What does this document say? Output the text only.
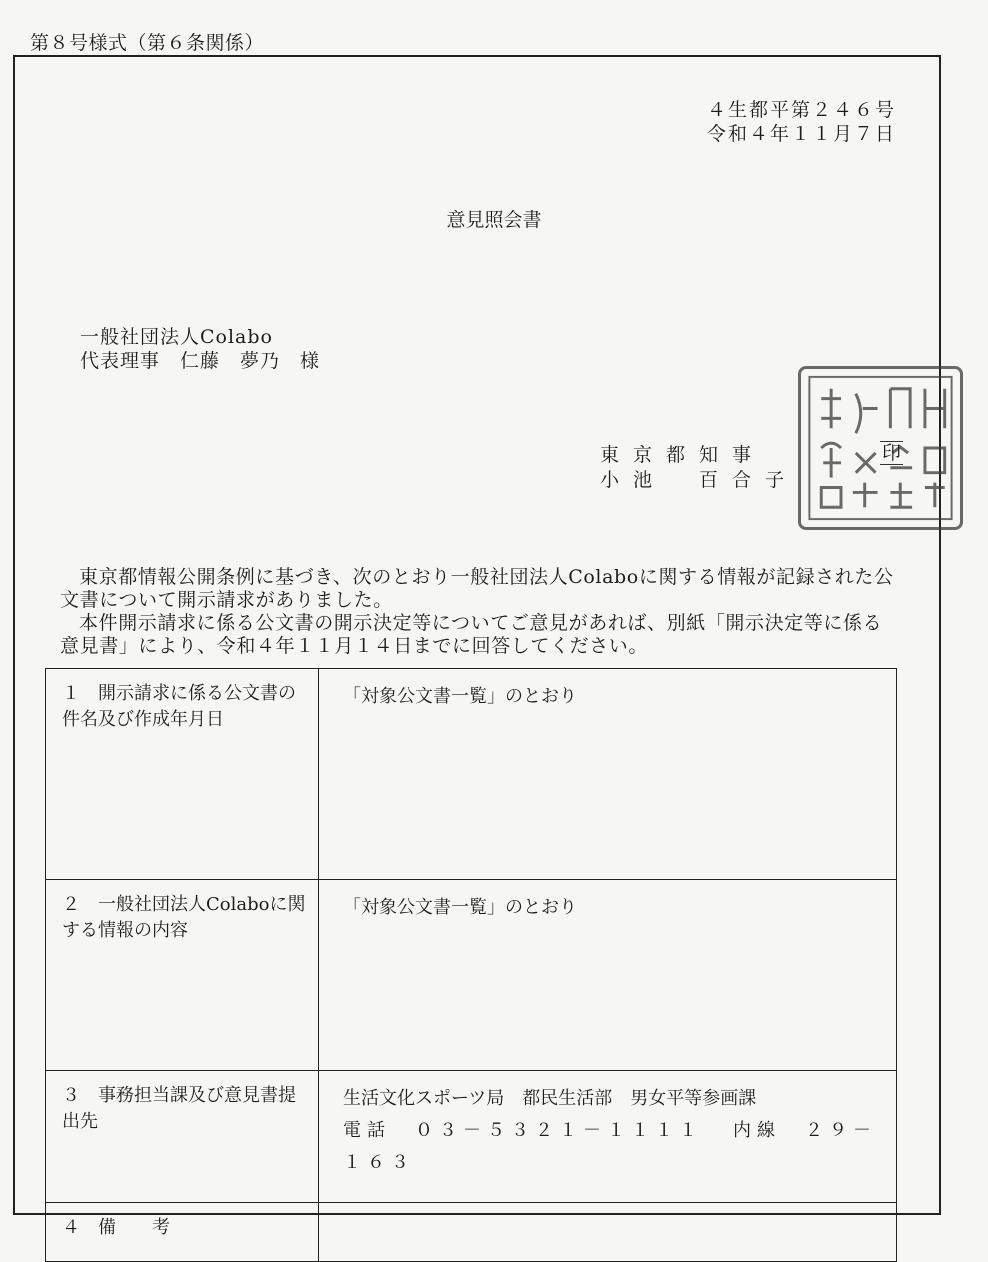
第８号様式（第６条関係）
４生都平第２４６号
令和４年１１月７日
意見照会書
一般社団法人Colabo
代表理事　仁藤　夢乃　様
東京都知事
小池　百合子
印

東京都情報公開条例に基づき、次のとおり一般社団法人Colaboに関する情報が記録された公文書について開示請求がありました。

本件開示請求に係る公文書の開示決定等についてご意見があれば、別紙「開示決定等に係る意見書」により、令和４年１１月１４日までに回答してください。

１　開示請求に係る公文書の件名及び作成年月日	「対象公文書一覧」のとおり
２　一般社団法人Colaboに関する情報の内容	「対象公文書一覧」のとおり
３　事務担当課及び意見書提出先	生活文化スポーツ局　都民生活部　男女平等参画課
電話　０３－５３２１－１１１１ 内線　２９－１６３

４　備　　考	
